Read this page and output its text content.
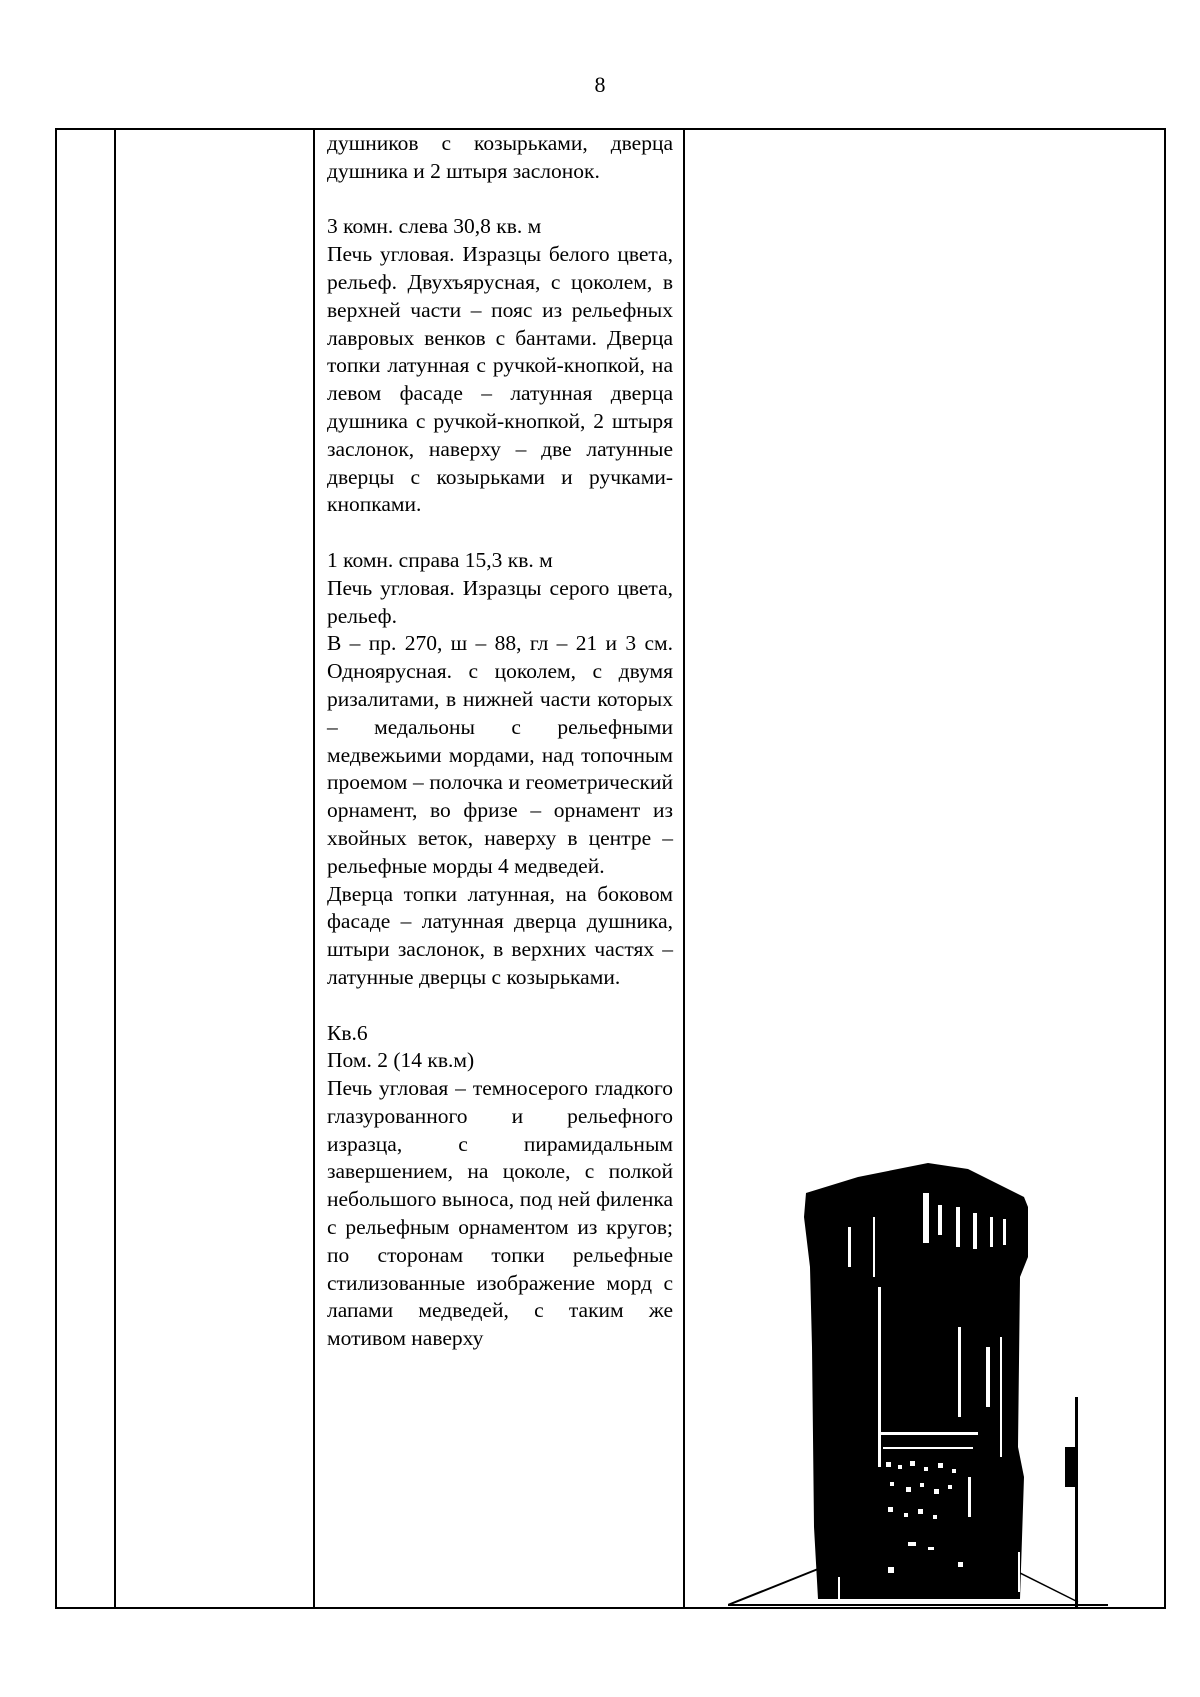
8

душников с козырьками, дверца душника и 2 штыря заслонок.

3 комн. слева 30,8 кв. м

Печь угловая. Изразцы белого цвета, рельеф. Двухъярусная, с цоколем, в верхней части – пояс из рельефных лавровых венков с бантами. Дверца топки латунная с ручкой-кнопкой, на левом фасаде – латунная дверца душника с ручкой-кнопкой, 2 штыря заслонок, наверху – две латунные дверцы с козырьками и ручками-кнопками.

1 комн. справа 15,3 кв. м

Печь угловая. Изразцы серого цвета, рельеф.

В – пр. 270, ш – 88, гл – 21 и 3 см. Одноярусная. с цоколем, с двумя ризалитами, в нижней части которых – медальоны с рельефными медвежьими мордами, над топочным проемом – полочка и геометрический орнамент, во фризе – орнамент из хвойных веток, наверху в центре – рельефные морды 4 медведей.

Дверца топки латунная, на боковом фасаде – латунная дверца душника, штыри заслонок, в верхних частях – латунные дверцы с козырьками.

Кв.6

Пом. 2 (14 кв.м)

Печь угловая – темносерого гладкого глазурованного и рельефного изразца, с пирамидальным завершением, на цоколе, с полкой небольшого выноса, под ней филенка с рельефным орнаментом из кругов; по сторонам топки рельефные стилизованные изображение морд с лапами медведей, с таким же мотивом наверху
